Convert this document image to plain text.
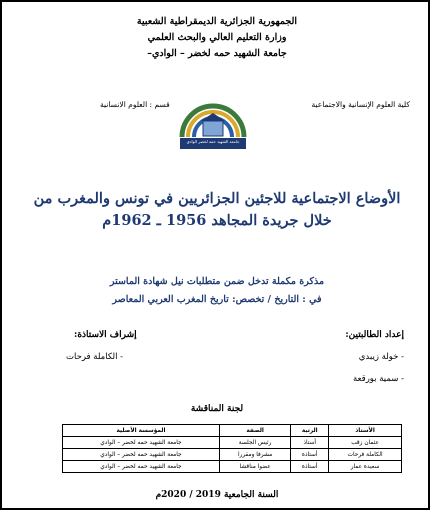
الجمهورية الجزائرية الديمقراطية الشعبية
وزارة التعليم العالي والبحث العلمي
جامعة الشهيد حمه لخضر – الوادي–
كلية العلوم الإنسانية والاجتماعية
قسم : العلوم الانسانية
جامعة الشهيد حمه لخضر الوادي
الأوضاع الاجتماعية للاجئين الجزائريين في تونس والمغرب من
خلال جريدة المجاهد 1956 ـ 1962م
مذكرة مكملة تدخل ضمن متطلبات نيل شهادة الماستر
في : التاريخ / تخصص: تاريخ المغرب العربي المعاصر
إعداد الطالبتين:
- خولة زيبدي
- سمية بورقعة
إشراف الاستاذة:
- الكاملة فرحات
لجنة المناقشة
الأستاذ	الرتبة	الصفة	المؤسسة الأصلية
عثمان زقب	أستاذ	رئيس الجلسة	جامعة الشهيد حمه لخضر – الوادي
الكاملة فرحات	أستاذة	مشرفا ومقررا	جامعة الشهيد حمه لخضر – الوادي
سعيدة عمار	أستاذة	عضوا مناقشا	جامعة الشهيد حمه لخضر – الوادي
السنة الجامعية 2019 / 2020م
